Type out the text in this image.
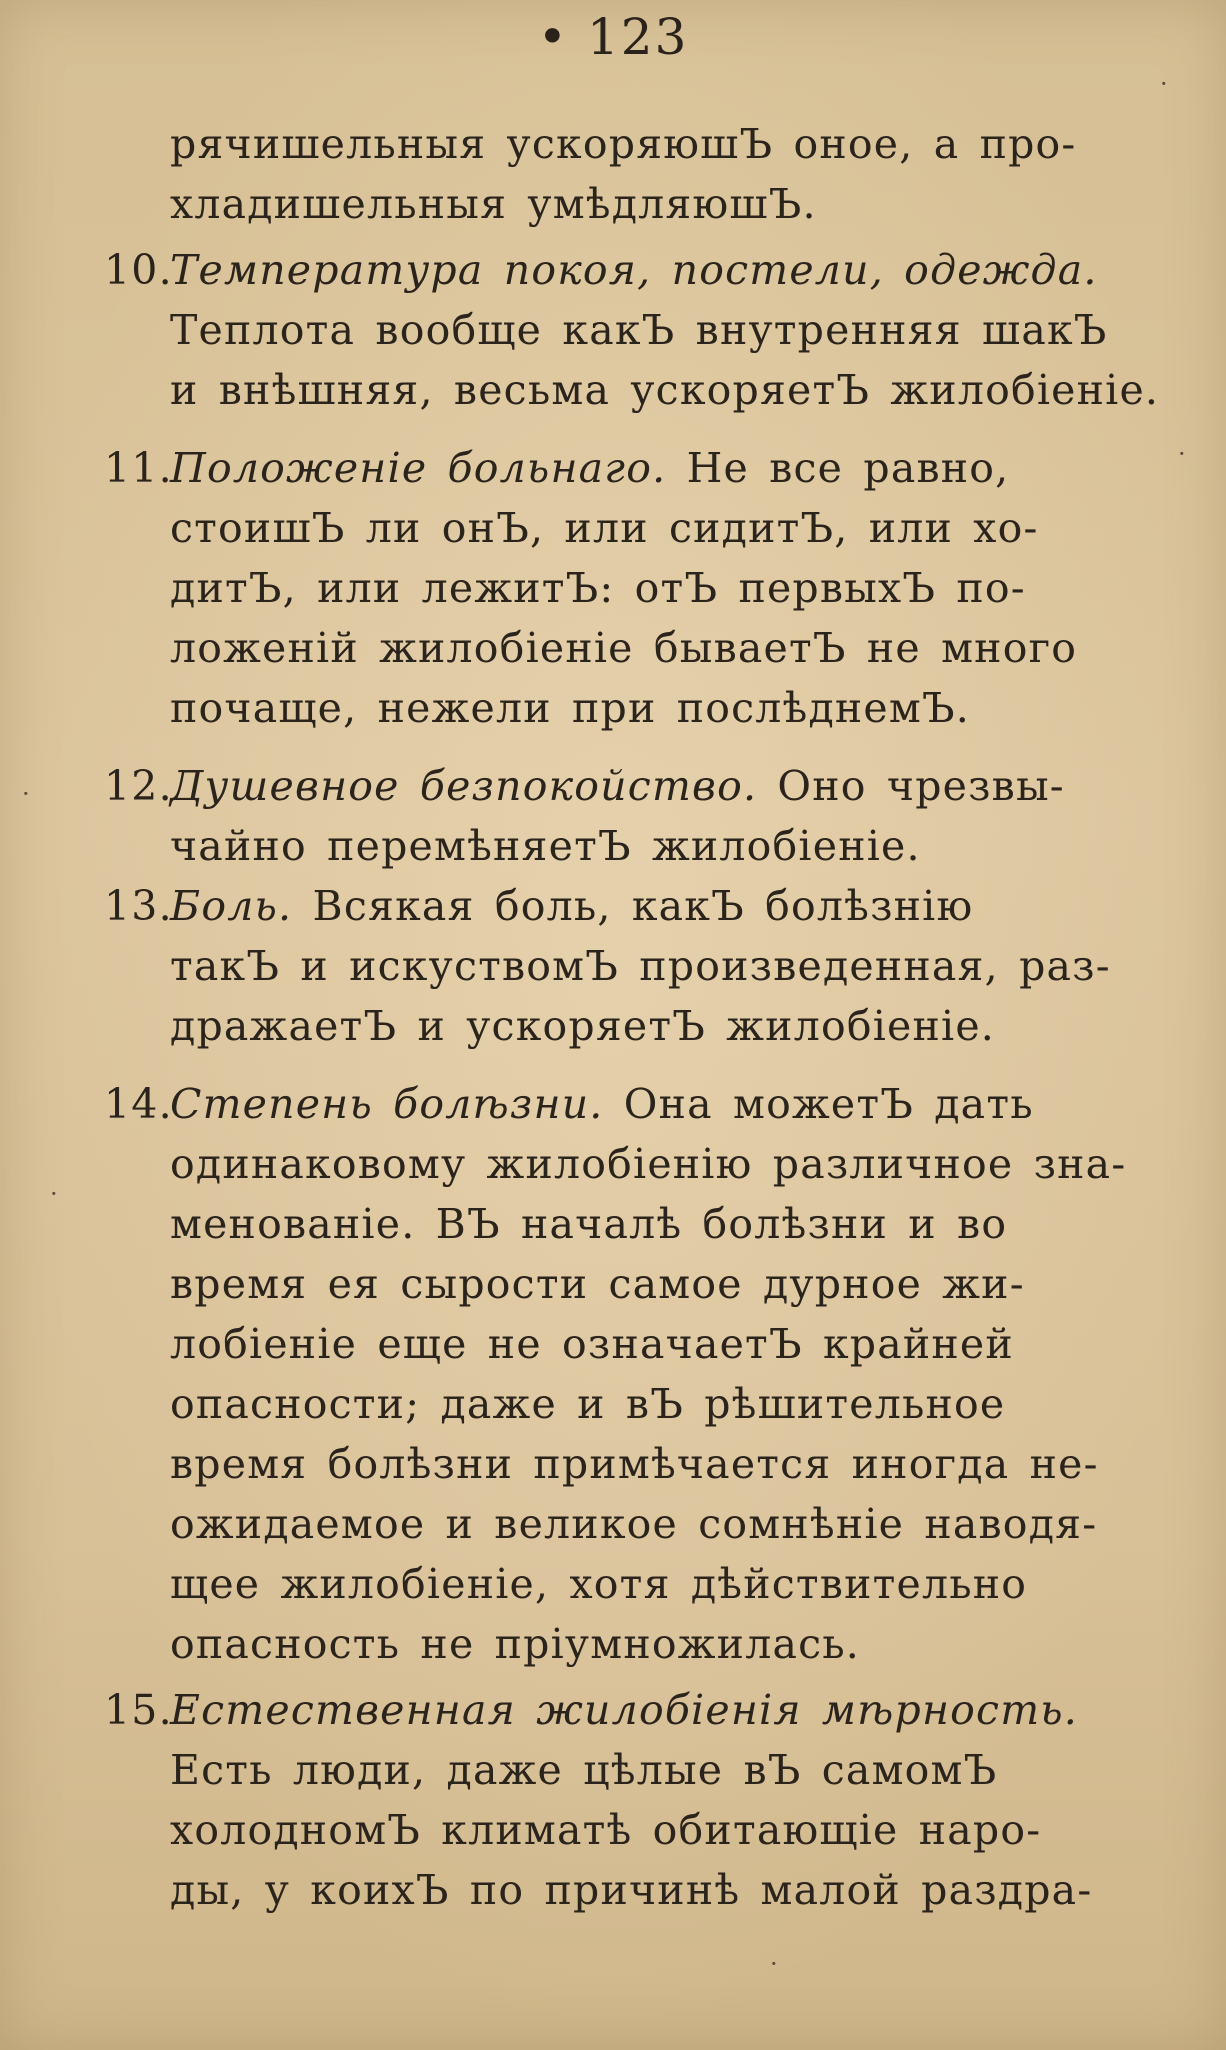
• 123
рячишельныя ускоряюшЪ оное, а про-
хладишельныя умѣдляюшЪ.
10.Температура покоя, постели, одежда.
Теплота вообще какЪ внутренняя шакЪ
и внѣшняя, весьма ускоряетЪ жилобіеніе.
11.Положеніе больнаго. Не все равно,
стоишЪ ли онЪ, или сидитЪ, или хо-
дитЪ, или лежитЪ: отЪ первыхЪ по-
ложеній жилобіеніе бываетЪ не много
почаще, нежели при послѣднемЪ.
12.Душевное безпокойство. Оно чрезвы-
чайно перемѣняетЪ жилобіеніе.
13.Боль. Всякая боль, какЪ болѣзнію
такЪ и искуствомЪ произведенная, раз-
дражаетЪ и ускоряетЪ жилобіеніе.
14.Степень болѣзни. Она можетЪ дать
одинаковому жилобіенію различное зна-
менованіе. ВЪ началѣ болѣзни и во
время ея сырости самое дурное жи-
лобіеніе еще не означаетЪ крайней
опасности; даже и вЪ рѣшительное
время болѣзни примѣчается иногда не-
ожидаемое и великое сомнѣніе наводя-
щее жилобіеніе, хотя дѣйствительно
опасность не пріумножилась.
15.Естественная жилобіенія мѣрность.
Есть люди, даже цѣлые вЪ самомЪ
холодномЪ климатѣ обитающіе наро-
ды, у коихЪ по причинѣ малой раздра-
·
·
·
·
·
